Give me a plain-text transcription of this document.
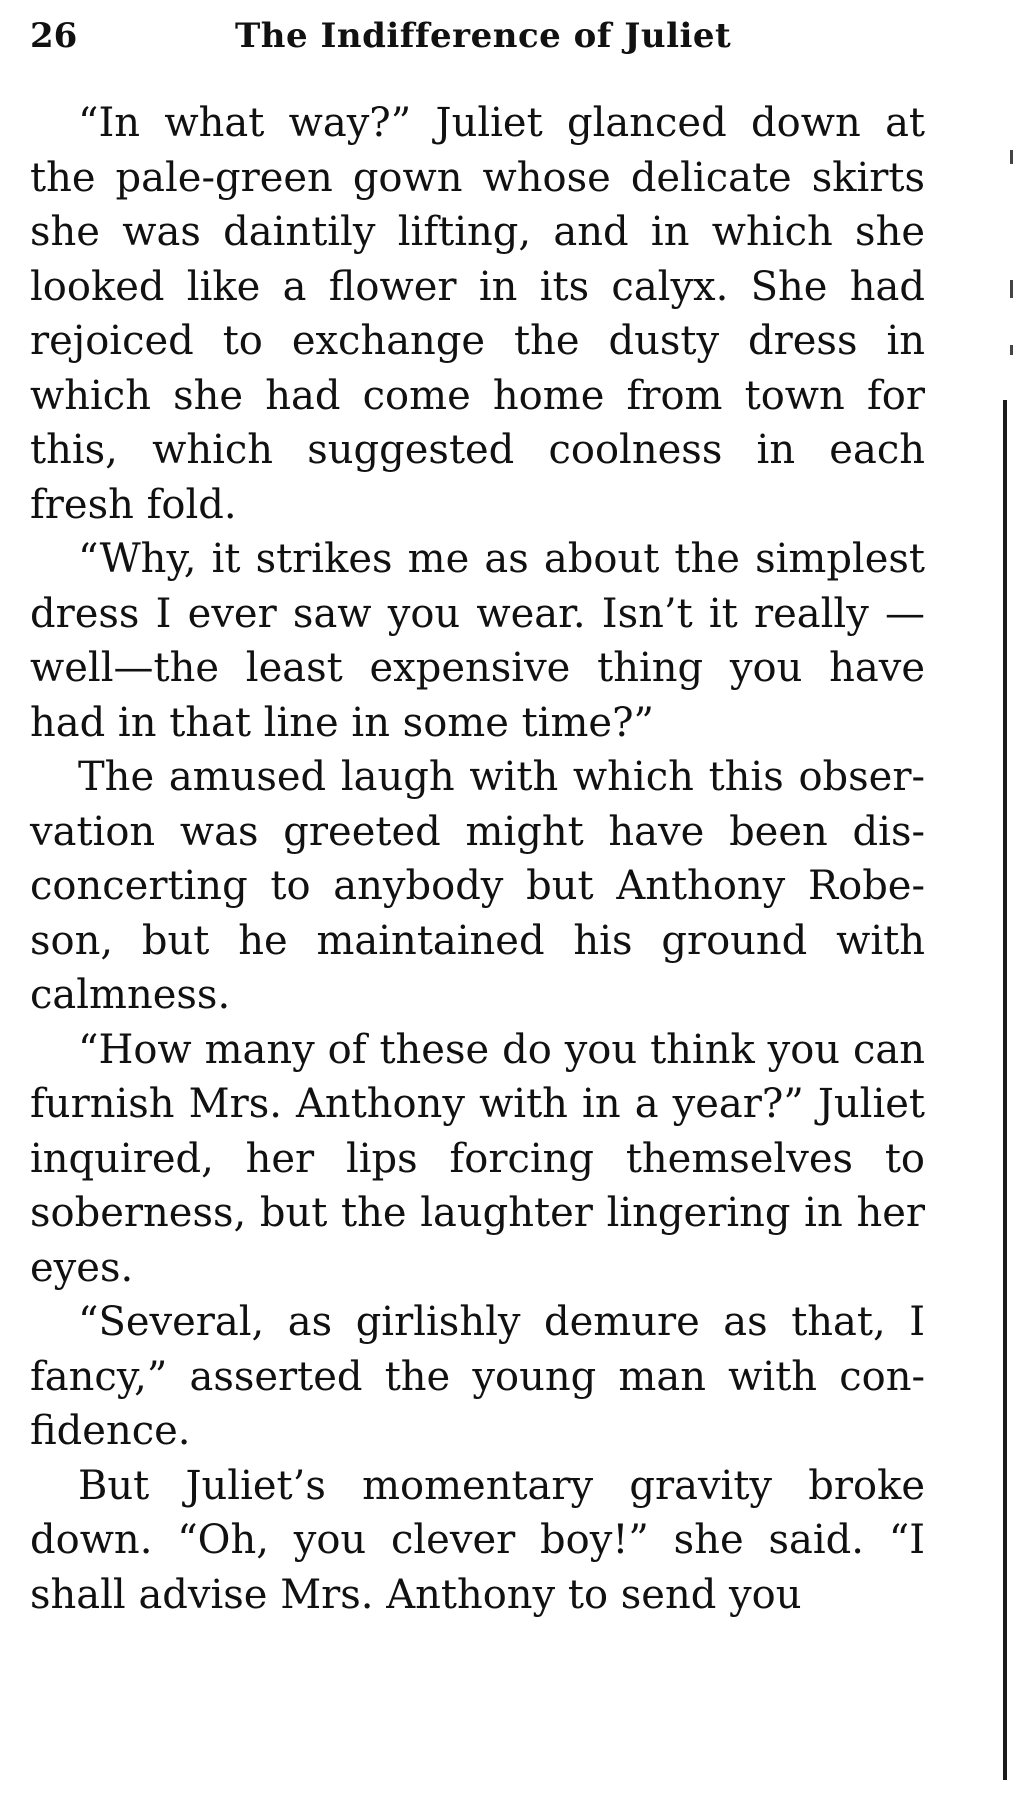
26	The Indifference of Juliet

“In what way?” Juliet glanced down at the pale-green gown whose delicate skirts she was daintily lifting, and in which she looked like a flower in its calyx. She had rejoiced to exchange the dusty dress in which she had come home from town for this, which suggested coolness in each fresh fold.

“Why, it strikes me as about the simplest dress I ever saw you wear. Isn’t it really —well—the least expensive thing you have had in that line in some time?”

The amused laugh with which this observation was greeted might have been disconcerting to anybody but Anthony Robeson, but he maintained his ground with calmness.

“How many of these do you think you can furnish Mrs. Anthony with in a year?” Juliet inquired, her lips forcing themselves to soberness, but the laughter lingering in her eyes.

“Several, as girlishly demure as that, I fancy,” asserted the young man with confidence.

But Juliet’s momentary gravity broke down. “Oh, you clever boy!” she said. “I shall advise Mrs. Anthony to send you
